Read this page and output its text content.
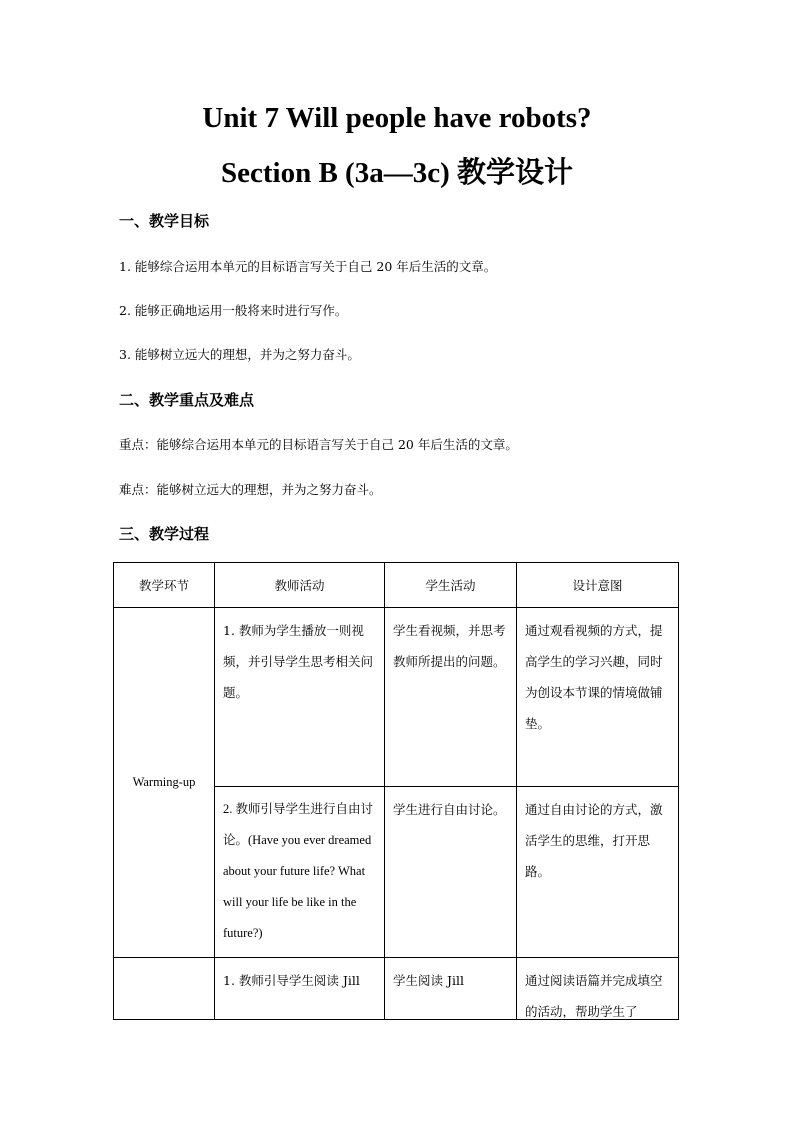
Unit 7 Will people have robots?
Section B (3a—3c) 教学设计
一、教学目标
1. 能够综合运用本单元的目标语言写关于自己 20 年后生活的文章。
2. 能够正确地运用一般将来时进行写作。
3. 能够树立远大的理想，并为之努力奋斗。
二、教学重点及难点
重点：能够综合运用本单元的目标语言写关于自己 20 年后生活的文章。
难点：能够树立远大的理想，并为之努力奋斗。
三、教学过程
教学环节	教师活动	学生活动	设计意图
Warming-up	1. 教师为学生播放一则视频，并引导学生思考相关问题。	学生看视频，并思考教师所提出的问题。	通过观看视频的方式，提高学生的学习兴趣，同时为创设本节课的情境做铺垫。

	2. 教师引导学生进行自由讨论。(Have you ever dreamed about your future life? What will your life be like in the future?)	学生进行自由讨论。	通过自由讨论的方式，激活学生的思维，打开思路。

	1. 教师引导学生阅读 Jill	学生阅读 Jill	通过阅读语篇并完成填空的活动，帮助学生了
